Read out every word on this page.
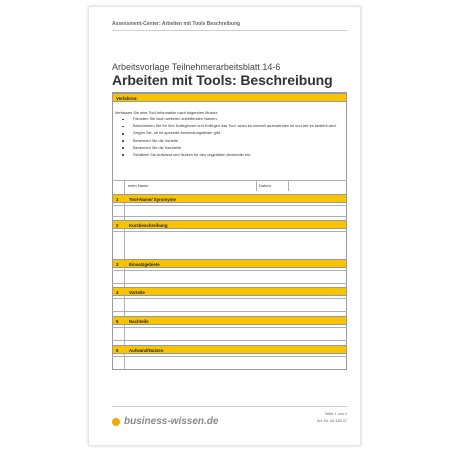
Assessment-Center: Arbeiten mit Tools Beschreibung
Arbeitsvorlage Teilnehmerarbeitsblatt 14-6
Arbeiten mit Tools: Beschreibung
Verfahren:
Verfassen Sie eine Tool-Information nach folgenden Muster:
Fahnden Sie nach weiteren zutreffenden Namen.
Beschreiben Sie für Ihre Kolleginnen und Kollegen das Tool, wozu es sinnvoll anzuwenden ist und wie es bedient wird.
Zeigen Sie, ob es spezielle Anwendungsfelder gibt.
Benennen Sie die Vorteile.
Benennen Sie die Nachteile.
Schätzen Sie Aufwand und Nutzen für den ungeübten Anwender ein.
mein Name	Datum
1 Tool-Name/ Synonyme
2 Kurzbeschreibung
3 Einsatzgebiete
4 Vorteile
5 Nachteile
6 Aufwand/Nutzen
business-wissen.de
Seite 1 von 1
Art.-Nr. 06.180.47
